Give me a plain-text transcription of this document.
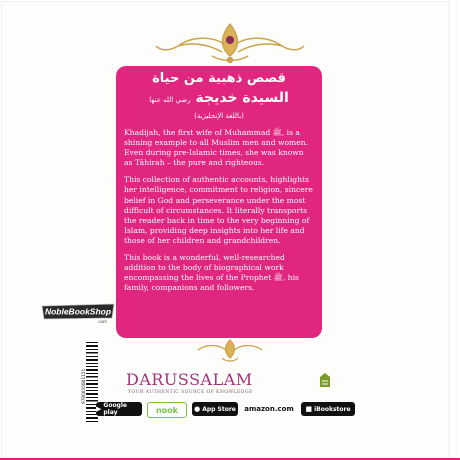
قصص ذهبية من حياة
السيدة خديجة رضي الله عنها
(باللغة الإنجليزية)

Khadijah, the first wife of Muhammad ﷺ, is a shining example to all Muslim men and women. Even during pre-Islamic times, she was known as Tâhirah – the pure and righteous.

This collection of authentic accounts, highlights her intelligence, commitment to religion, sincere belief in God and perseverance under the most difficult of circumstances. It literally transports the reader back in time to the very beginning of Islam, providing deep insights into her life and those of her children and grandchildren.

This book is a wonderful, well-researched addition to the body of biographical work encompassing the lives of the Prophet ﷺ, his family, companions and followers.

NobleBookShop
.com
DARUSSALAM
YOUR AUTHENTIC SOURCE OF KNOWLEDGE
▶ Google play	nook ● App Store amazon.com ■ iBookstore
